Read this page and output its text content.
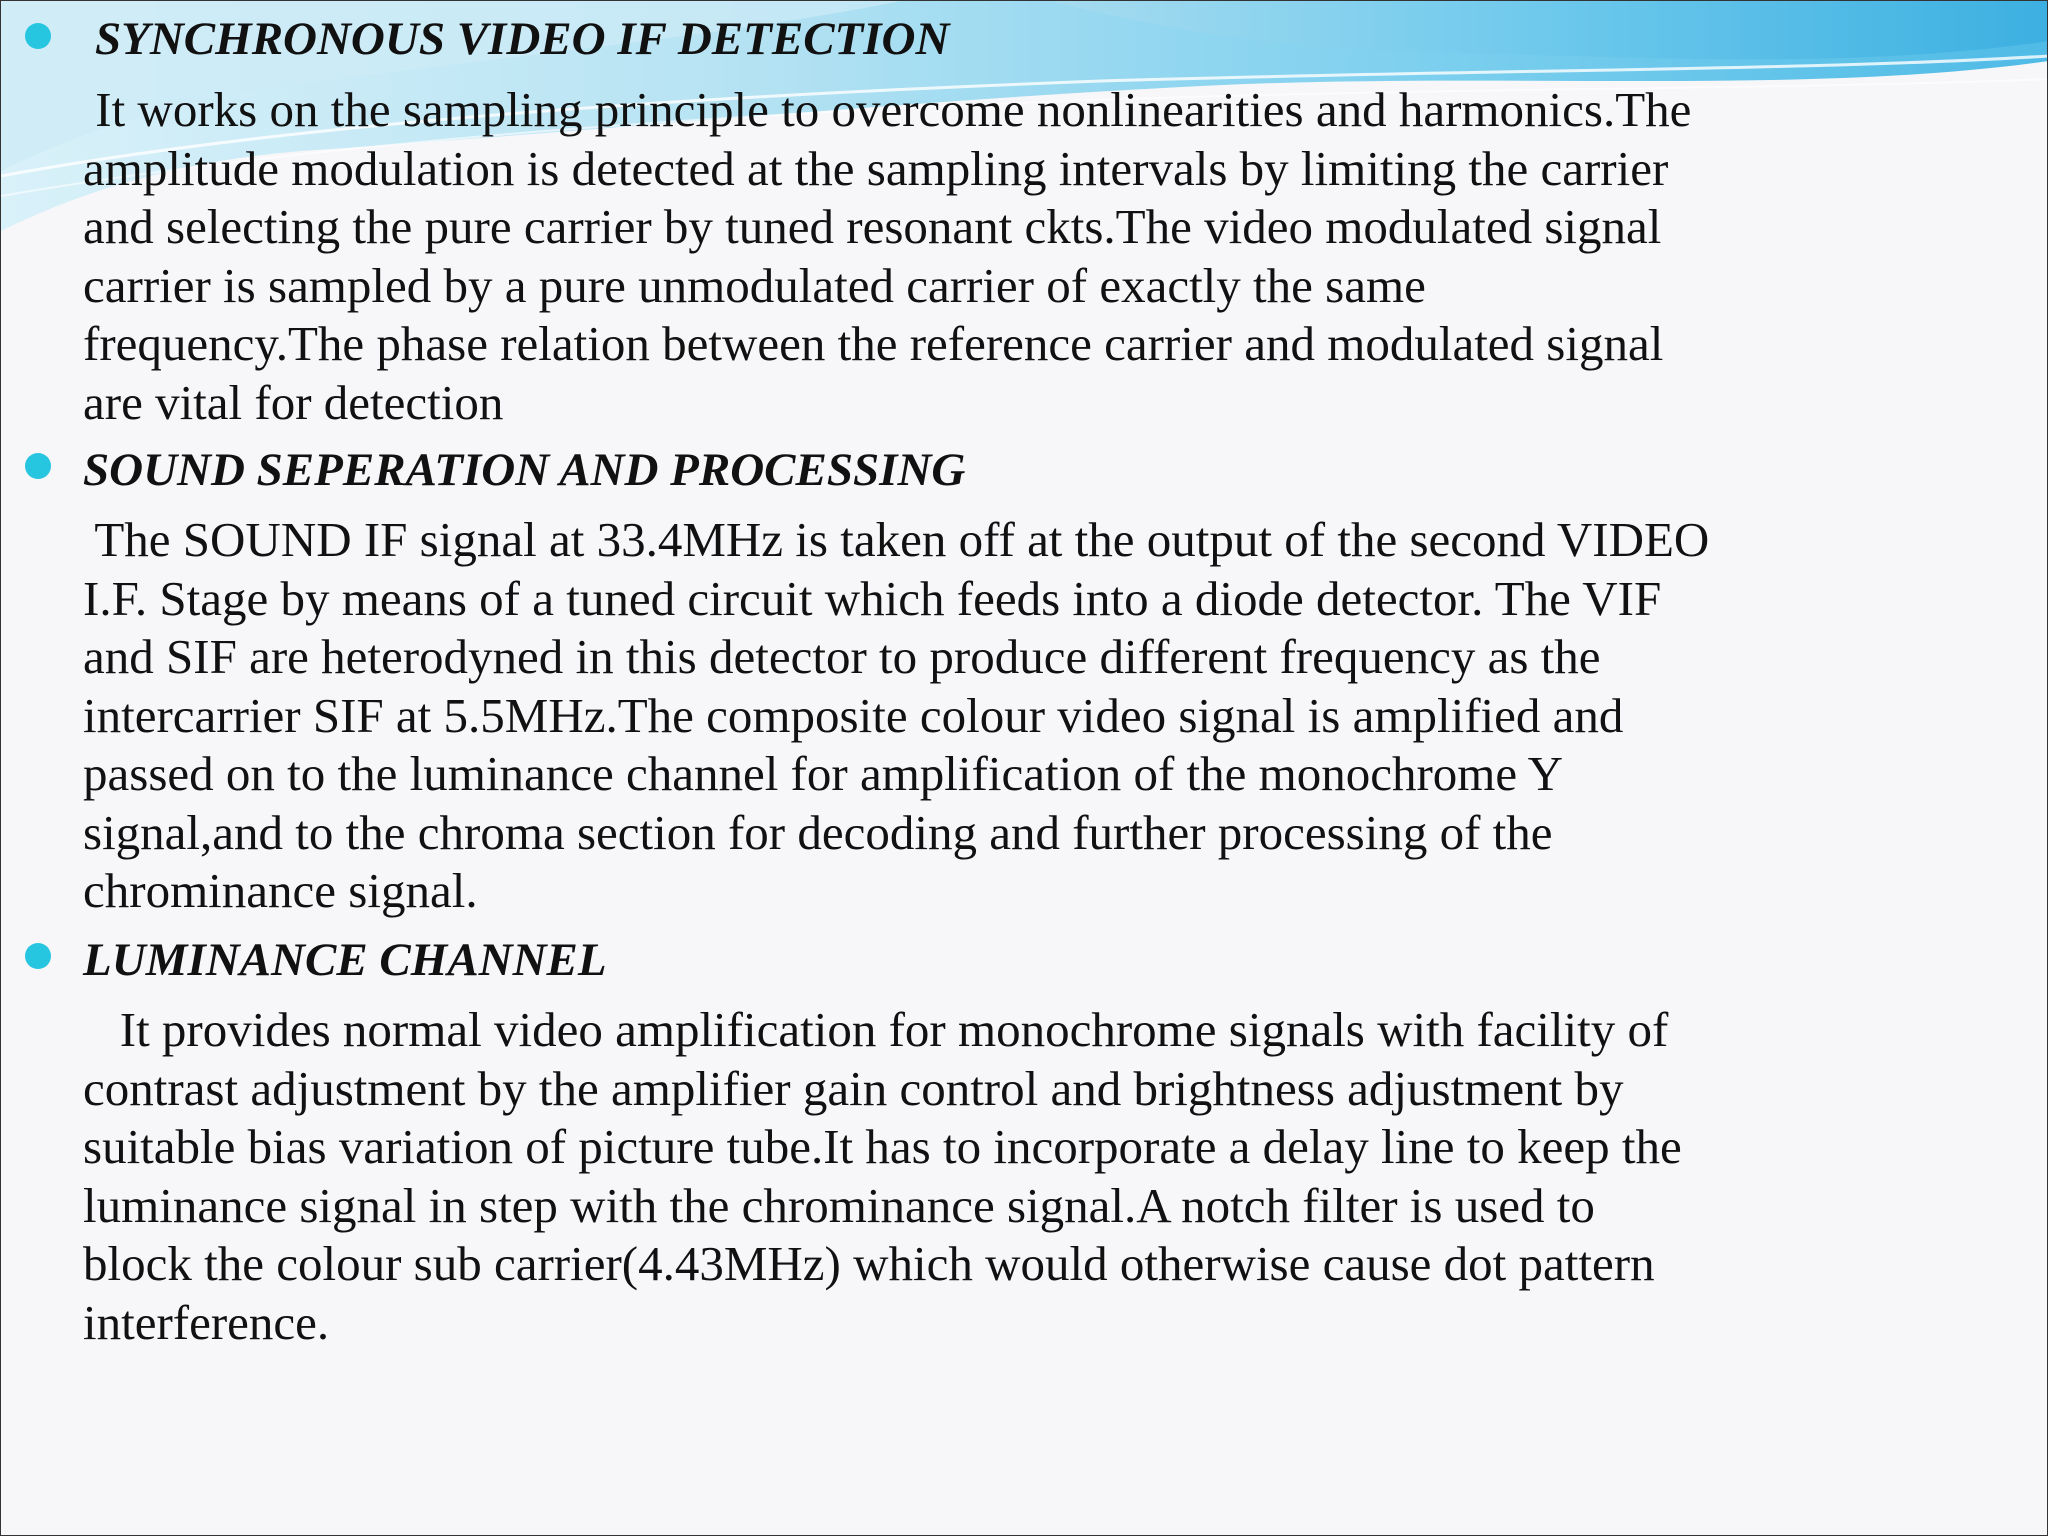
SYNCHRONOUS VIDEO IF DETECTION

It works on the sampling principle to overcome nonlinearities and harmonics.The
amplitude modulation is detected at the sampling intervals by limiting the carrier
and selecting the pure carrier by tuned resonant ckts.The video modulated signal
carrier is sampled by a pure unmodulated carrier of exactly the same
frequency.The phase relation between the reference carrier and modulated signal
are vital for detection

SOUND SEPERATION AND PROCESSING

The SOUND IF signal at 33.4MHz is taken off at the output of the second VIDEO
I.F. Stage by means of a tuned circuit which feeds into a diode detector. The VIF
and SIF are heterodyned in this detector to produce different frequency as the
intercarrier SIF at 5.5MHz.The composite colour video signal is amplified and
passed on to the luminance channel for amplification of the monochrome Y
signal,and to the chroma section for decoding and further processing of the
chrominance signal.

LUMINANCE CHANNEL

It provides normal video amplification for monochrome signals with facility of
contrast adjustment by the amplifier gain control and brightness adjustment by
suitable bias variation of picture tube.It has to incorporate a delay line to keep the
luminance signal in step with the chrominance signal.A notch filter is used to
block the colour sub carrier(4.43MHz) which would otherwise cause dot pattern
interference.
